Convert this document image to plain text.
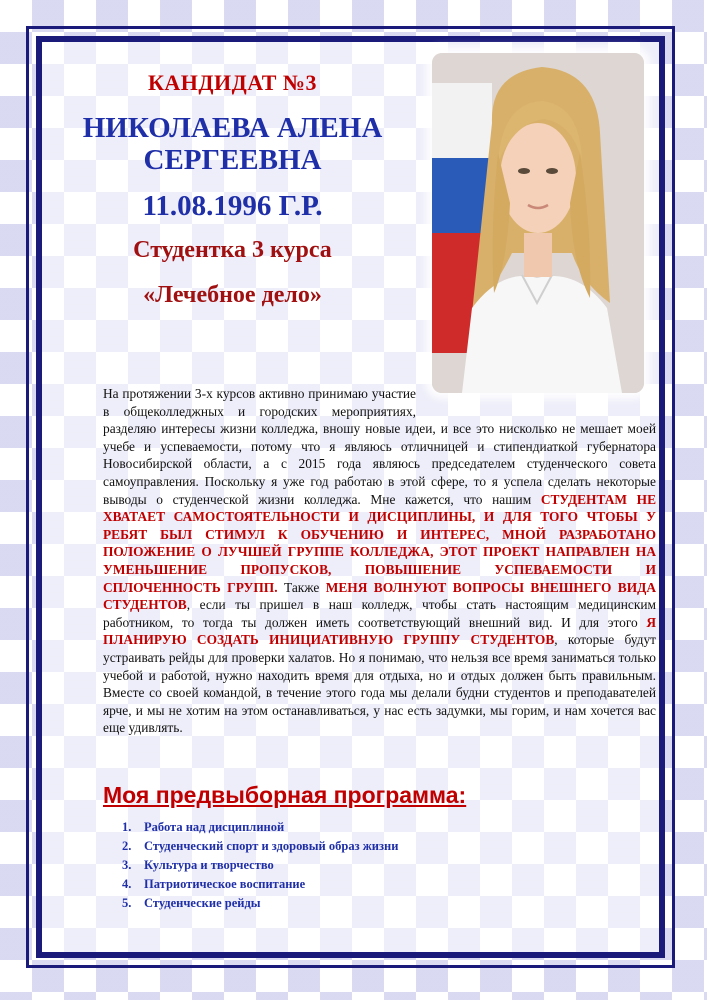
КАНДИДАТ №3
НИКОЛАЕВА АЛЕНА
СЕРГЕЕВНА
11.08.1996 Г.Р.
Студентка 3 курса
«Лечебное дело»
На протяжении 3-х курсов активно принимаю участие в общеколледжных и городских мероприятиях, разделяю интересы жизни колледжа, вношу новые идеи, и все это нисколько не мешает моей учебе и успеваемости, потому что я являюсь отличницей и стипендиаткой губернатора Новосибирской области, а с 2015 года являюсь председателем студенческого совета самоуправления. Поскольку я уже год работаю в этой сфере, то я успела сделать некоторые выводы о студенческой жизни колледжа. Мне кажется, что нашим СТУДЕНТАМ НЕ ХВАТАЕТ САМОСТОЯТЕЛЬНОСТИ И ДИСЦИПЛИНЫ, И ДЛЯ ТОГО ЧТОБЫ У РЕБЯТ БЫЛ СТИМУЛ К ОБУЧЕНИЮ И ИНТЕРЕС, МНОЙ РАЗРАБОТАНО ПОЛОЖЕНИЕ О ЛУЧШЕЙ ГРУППЕ КОЛЛЕДЖА, ЭТОТ ПРОЕКТ НАПРАВЛЕН НА УМЕНЬШЕНИЕ ПРОПУСКОВ, ПОВЫШЕНИЕ УСПЕВАЕМОСТИ И СПЛОЧЕННОСТЬ ГРУПП. Также МЕНЯ ВОЛНУЮТ ВОПРОСЫ ВНЕШНЕГО ВИДА СТУДЕНТОВ, если ты пришел в наш колледж, чтобы стать настоящим медицинским работником, то тогда ты должен иметь соответствующий внешний вид. И для этого Я ПЛАНИРУЮ СОЗДАТЬ ИНИЦИАТИВНУЮ ГРУППУ СТУДЕНТОВ, которые будут устраивать рейды для проверки халатов. Но я понимаю, что нельзя все время заниматься только учебой и работой, нужно находить время для отдыха, но и отдых должен быть правильным. Вместе со своей командой, в течение этого года мы делали будни студентов и преподавателей ярче, и мы не хотим на этом останавливаться, у нас есть задумки, мы горим, и нам хочется вас еще удивлять.
Моя предвыборная программа:
1. Работа над дисциплиной
2. Студенческий спорт и здоровый образ жизни
3. Культура и творчество
4. Патриотическое воспитание
5. Студенческие рейды
